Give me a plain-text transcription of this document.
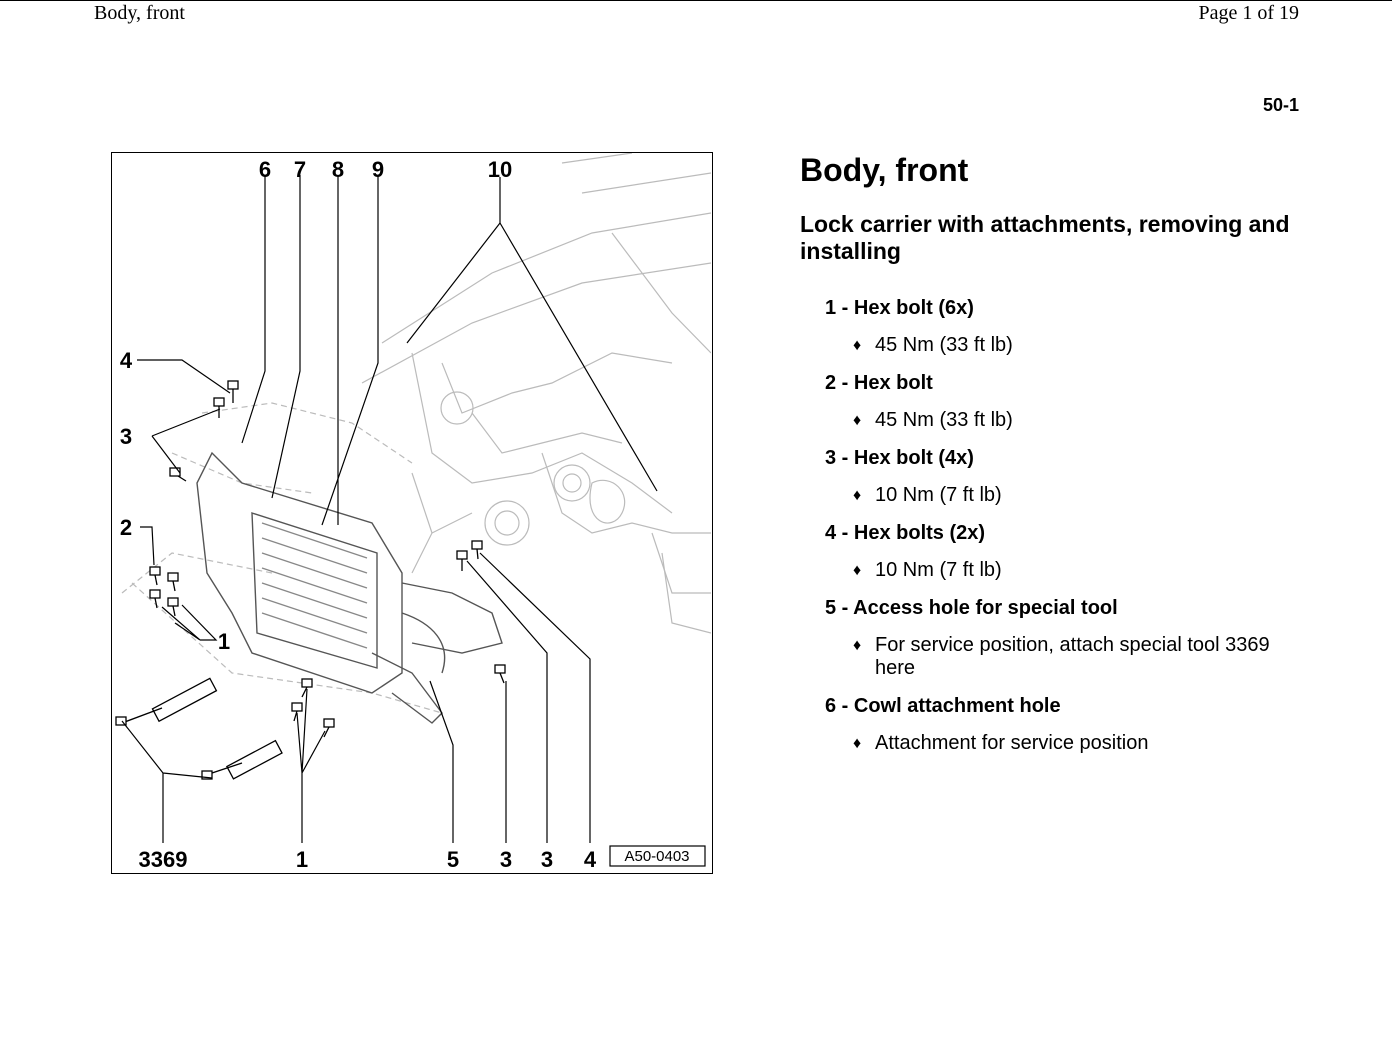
Body, front	Page 1 of 19
50-1
6 7 8 9	10
4
3
2
1
3369	1	5 3 3 4 A50-0403
Body, front
Lock carrier with attachments, removing and installing

1 - Hex bolt (6x)

♦ 45 Nm (33 ft lb)

2 - Hex bolt

♦ 45 Nm (33 ft lb)

3 - Hex bolt (4x)

♦ 10 Nm (7 ft lb)

4 - Hex bolts (2x)

♦ 10 Nm (7 ft lb)

5 - Access hole for special tool

♦ For service position, attach special tool 3369 here

6 - Cowl attachment hole

♦ Attachment for service position
